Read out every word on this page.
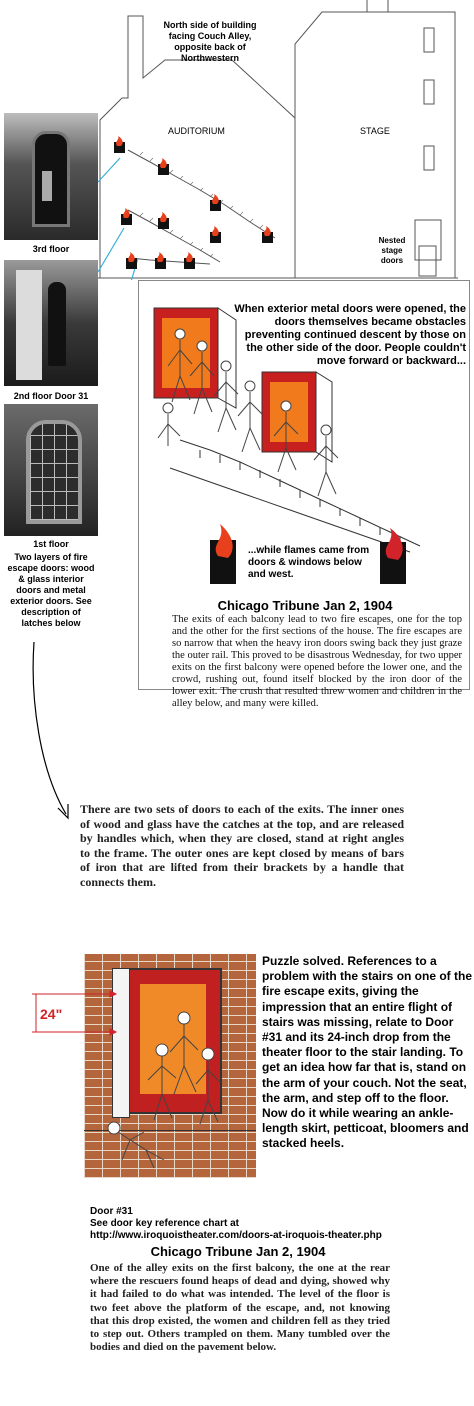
North side of building facing Couch Alley, opposite back of Northwestern
AUDITORIUM	STAGE
Nested stage doors
3rd floor
2nd floor Door 31
1st floor
Two layers of fire escape doors: wood & glass interior doors and metal exterior doors. See description of latches below
When exterior metal doors were opened, the doors themselves became obstacles preventing continued descent by those on the other side of the door. People couldn't move forward or backward...
...while flames came from doors & windows below and west.
Chicago Tribune Jan 2, 1904
The exits of each balcony lead to two fire escapes, one for the top and the other for the first sections of the house. The fire escapes are so narrow that when the heavy iron doors swing back they just graze the outer rail. This proved to be disastrous Wednesday, for two upper exits on the first balcony were opened before the lower one, and the crowd, rushing out, found itself blocked by the iron door of the lower exit. The crush that resulted threw women and children in the alley below, and many were killed.
There are two sets of doors to each of the exits. The inner ones of wood and glass have the catches at the top, and are released by handles which, when they are closed, stand at right angles to the frame. The outer ones are kept closed by means of bars of iron that are lifted from their brackets by a handle that connects them.
24"
Puzzle solved. References to a problem with the stairs on one of the fire escape exits, giving the impression that an entire flight of stairs was missing, relate to Door #31 and its 24-inch drop from the theater floor to the stair landing. To get an idea how far that is, stand on the arm of your couch. Not the seat, the arm, and step off to the floor. Now do it while wearing an ankle-length skirt, petticoat, bloomers and stacked heels.
Door #31
See door key reference chart at
http://www.iroquoistheater.com/doors-at-iroquois-theater.php
Chicago Tribune Jan 2, 1904
One of the alley exits on the first balcony, the one at the rear where the rescuers found heaps of dead and dying, showed why it had failed to do what was intended. The level of the floor is two feet above the platform of the escape, and, not knowing that this drop existed, the women and children fell as they tried to step out. Others trampled on them. Many tumbled over the bodies and died on the pavement below.
